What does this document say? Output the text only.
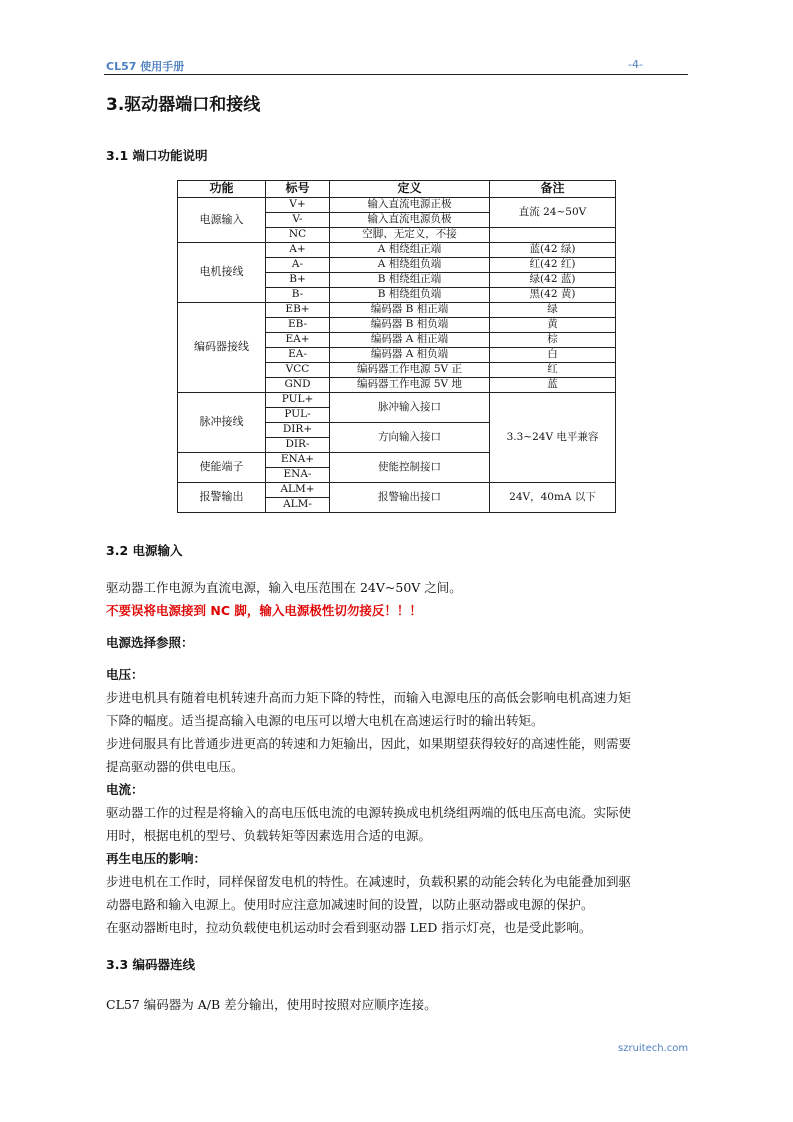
CL57 使用手册	-4-
3.驱动器端口和接线
3.1 端口功能说明
功能	标号	定义	备注
电源输入	V+	输入直流电源正极	直流 24~50V
	V-	输入直流电源负极	
	NC	空脚、无定义，不接	
电机接线	A+	A 相绕组正端	蓝(42 绿)
	A-	A 相绕组负端	红(42 红)
	B+	B 相绕组正端	绿(42 蓝)
	B-	B 相绕组负端	黑(42 黄)
编码器接线	EB+	编码器 B 相正端	绿
	EB-	编码器 B 相负端	黄
	EA+	编码器 A 相正端	棕
	EA-	编码器 A 相负端	白
	VCC	编码器工作电源 5V 正	红
	GND	编码器工作电源 5V 地	蓝
脉冲接线	PUL+	脉冲输入接口	3.3~24V 电平兼容
	PUL-		
	DIR+	方向输入接口	
	DIR-		
使能端子	ENA+	使能控制接口	
	ENA-		
报警输出	ALM+	报警输出接口	24V，40mA 以下
	ALM-		
3.2 电源输入
驱动器工作电源为直流电源，输入电压范围在 24V~50V 之间。
不要误将电源接到 NC 脚，输入电源极性切勿接反！！！
电源选择参照：
电压：
步进电机具有随着电机转速升高而力矩下降的特性，而输入电源电压的高低会影响电机高速力矩
下降的幅度。适当提高输入电源的电压可以增大电机在高速运行时的输出转矩。
步进伺服具有比普通步进更高的转速和力矩输出，因此，如果期望获得较好的高速性能，则需要
提高驱动器的供电电压。
电流：
驱动器工作的过程是将输入的高电压低电流的电源转换成电机绕组两端的低电压高电流。实际使
用时，根据电机的型号、负载转矩等因素选用合适的电源。
再生电压的影响：
步进电机在工作时，同样保留发电机的特性。在减速时，负载积累的动能会转化为电能叠加到驱
动器电路和输入电源上。使用时应注意加减速时间的设置，以防止驱动器或电源的保护。
在驱动器断电时，拉动负载使电机运动时会看到驱动器 LED 指示灯亮，也是受此影响。
3.3 编码器连线
CL57 编码器为 A/B 差分输出，使用时按照对应顺序连接。
szruitech.com
